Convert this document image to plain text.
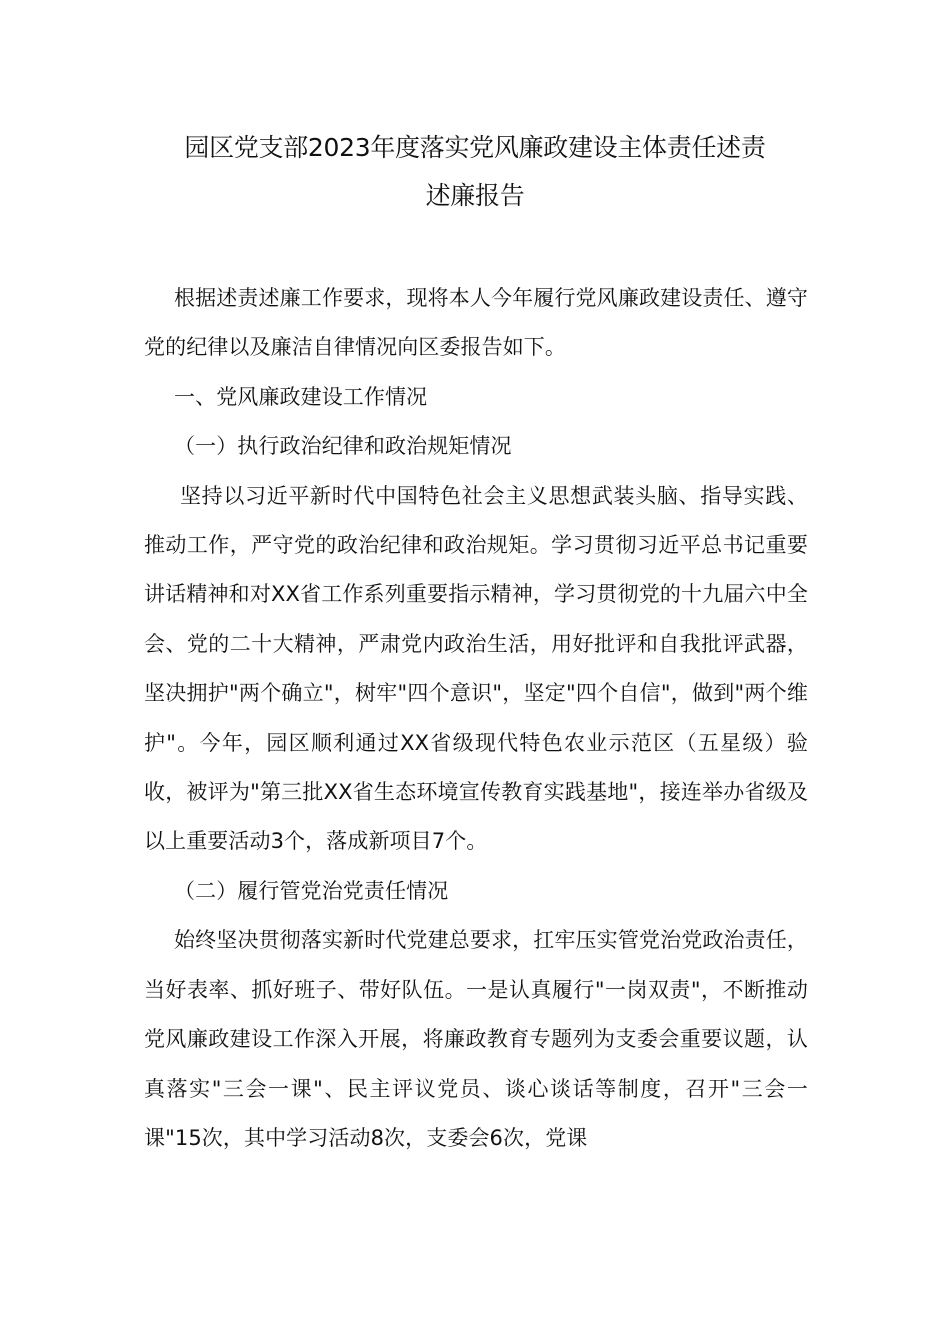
园区党支部2023年度落实党风廉政建设主体责任述责
述廉报告

根据述责述廉工作要求，现将本人今年履行党风廉政建设责任、遵守党的纪律以及廉洁自律情况向区委报告如下。

一、党风廉政建设工作情况

（一）执行政治纪律和政治规矩情况

坚持以习近平新时代中国特色社会主义思想武装头脑、指导实践、推动工作，严守党的政治纪律和政治规矩。学习贯彻习近平总书记重要讲话精神和对XX省工作系列重要指示精神，学习贯彻党的十九届六中全会、党的二十大精神，严肃党内政治生活，用好批评和自我批评武器，坚决拥护"两个确立"，树牢"四个意识"，坚定"四个自信"，做到"两个维护"。今年，园区顺利通过XX省级现代特色农业示范区（五星级）验收，被评为"第三批XX省生态环境宣传教育实践基地"，接连举办省级及以上重要活动3个，落成新项目7个。

（二）履行管党治党责任情况

始终坚决贯彻落实新时代党建总要求，扛牢压实管党治党政治责任，当好表率、抓好班子、带好队伍。一是认真履行"一岗双责"，不断推动党风廉政建设工作深入开展，将廉政教育专题列为支委会重要议题，认真落实"三会一课"、民主评议党员、谈心谈话等制度，召开"三会一课"15次，其中学习活动8次，支委会6次，党课
